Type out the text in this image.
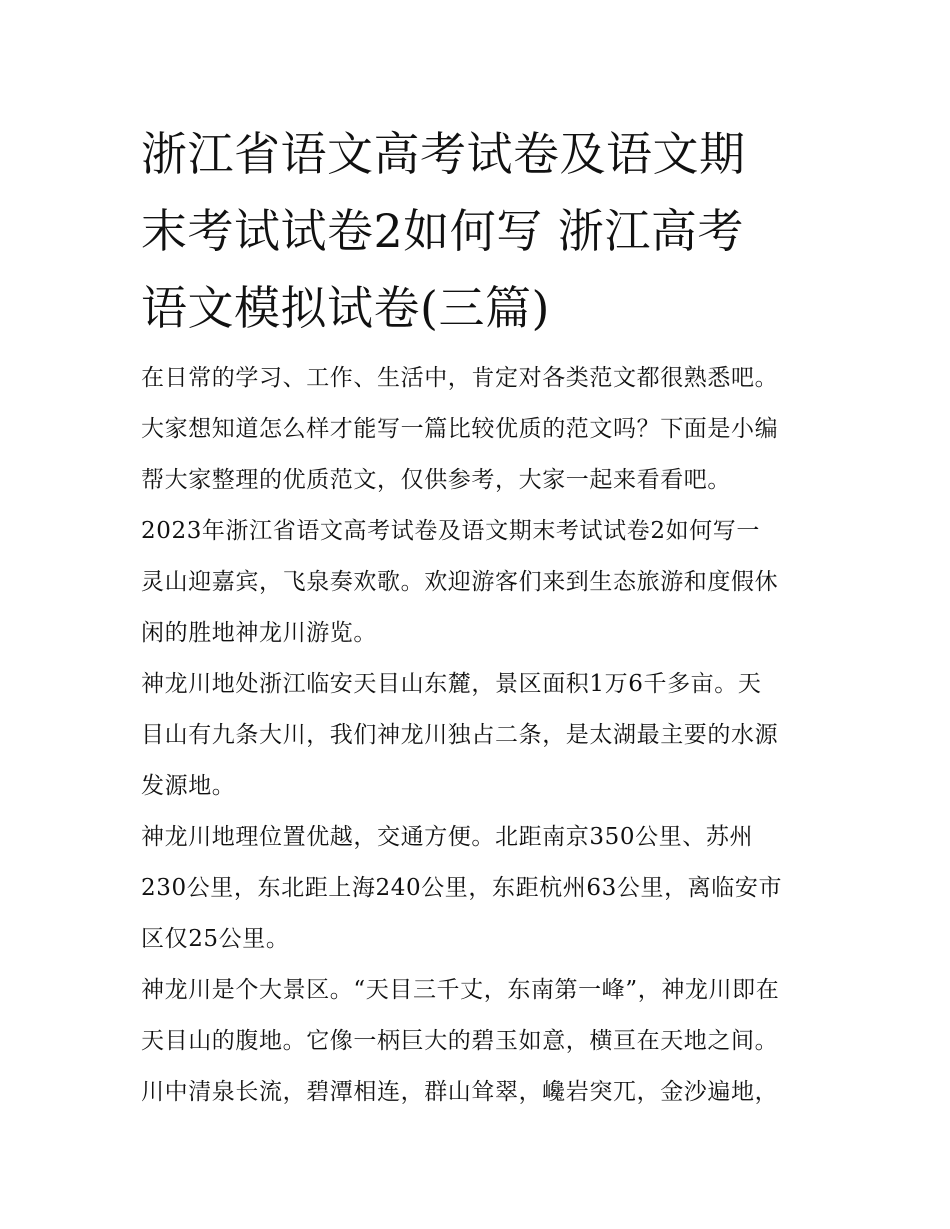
浙江省语文高考试卷及语文期
末考试试卷2如何写 浙江高考
语文模拟试卷(三篇)
在日常的学习、工作、生活中，肯定对各类范文都很熟悉吧。
大家想知道怎么样才能写一篇比较优质的范文吗？下面是小编
帮大家整理的优质范文，仅供参考，大家一起来看看吧。
2023年浙江省语文高考试卷及语文期末考试试卷2如何写一
灵山迎嘉宾，飞泉奏欢歌。欢迎游客们来到生态旅游和度假休
闲的胜地神龙川游览。
神龙川地处浙江临安天目山东麓，景区面积1万6千多亩。天
目山有九条大川，我们神龙川独占二条，是太湖最主要的水源
发源地。
神龙川地理位置优越，交通方便。北距南京350公里、苏州
230公里，东北距上海240公里，东距杭州63公里，离临安市
区仅25公里。
神龙川是个大景区。“天目三千丈，东南第一峰”，神龙川即在
天目山的腹地。它像一柄巨大的碧玉如意，横亘在天地之间。
川中清泉长流，碧潭相连，群山耸翠，巉岩突兀，金沙遍地，
